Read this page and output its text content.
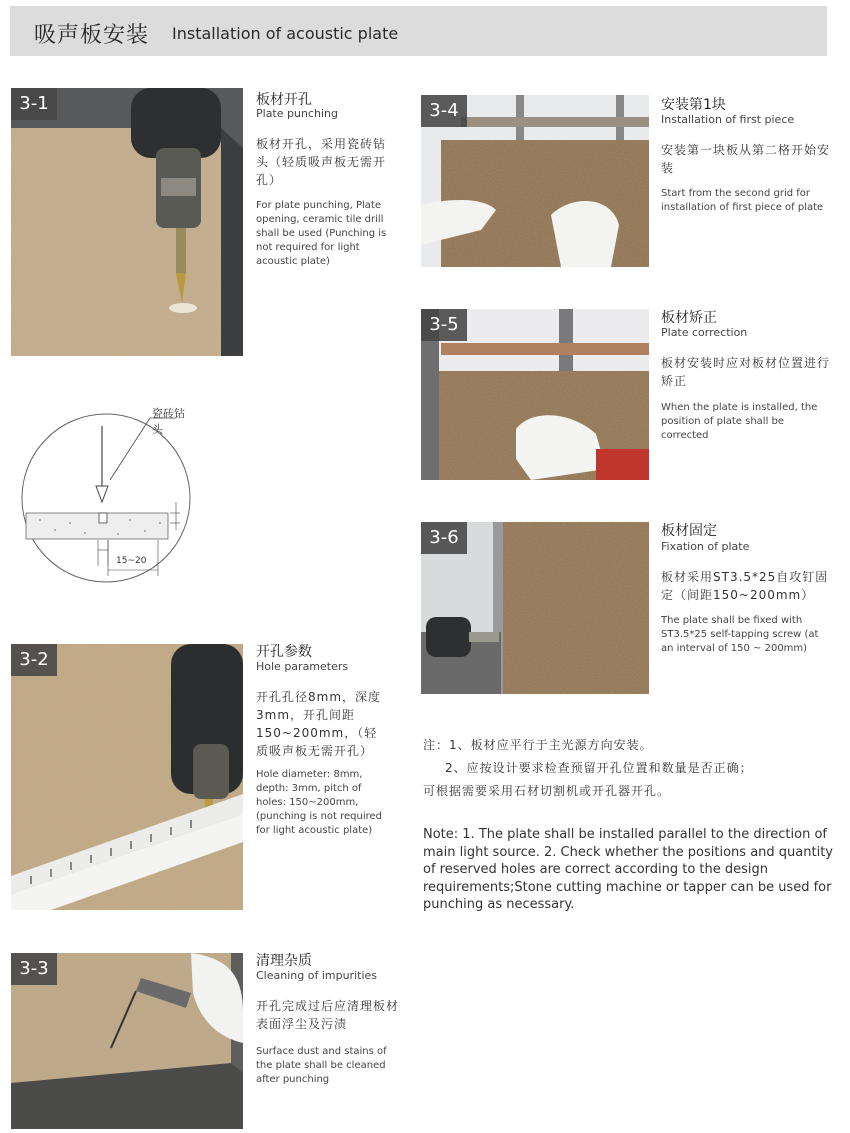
吸声板安装 Installation of acoustic plate
3-1	板材开孔
Plate punching
板材开孔，采用瓷砖钻头（轻质吸声板无需开孔）
For plate punching, Plate opening, ceramic tile drill shall be used (Punching is not required for light acoustic plate)
瓷砖钻头
15~20
3-2	开孔参数
Hole parameters
开孔孔径8mm，深度3mm，开孔间距150~200mm，（轻质吸声板无需开孔）
Hole diameter: 8mm, depth: 3mm, pitch of holes: 150~200mm, (punching is not required for light acoustic plate)
3-3	清理杂质
Cleaning of impurities
开孔完成过后应清理板材表面浮尘及污渍
Surface dust and stains of the plate shall be cleaned after punching
3-4	安装第1块
Installation of first piece
安装第一块板从第二格开始安装
Start from the second grid for installation of first piece of plate
3-5	板材矫正
Plate correction
板材安装时应对板材位置进行矫正
When the plate is installed, the position of plate shall be corrected
3-6	板材固定
Fixation of plate
板材采用ST3.5*25自攻钉固定（间距150~200mm）
The plate shall be fixed with ST3.5*25 self-tapping screw (at an interval of 150 ~ 200mm)
注：1、板材应平行于主光源方向安装。
2、应按设计要求检查预留开孔位置和数量是否正确；
可根据需要采用石材切割机或开孔器开孔。
Note: 1. The plate shall be installed parallel to the direction of main light source. 2. Check whether the positions and quantity of reserved holes are correct according to the design requirements;Stone cutting machine or tapper can be used for punching as necessary.
